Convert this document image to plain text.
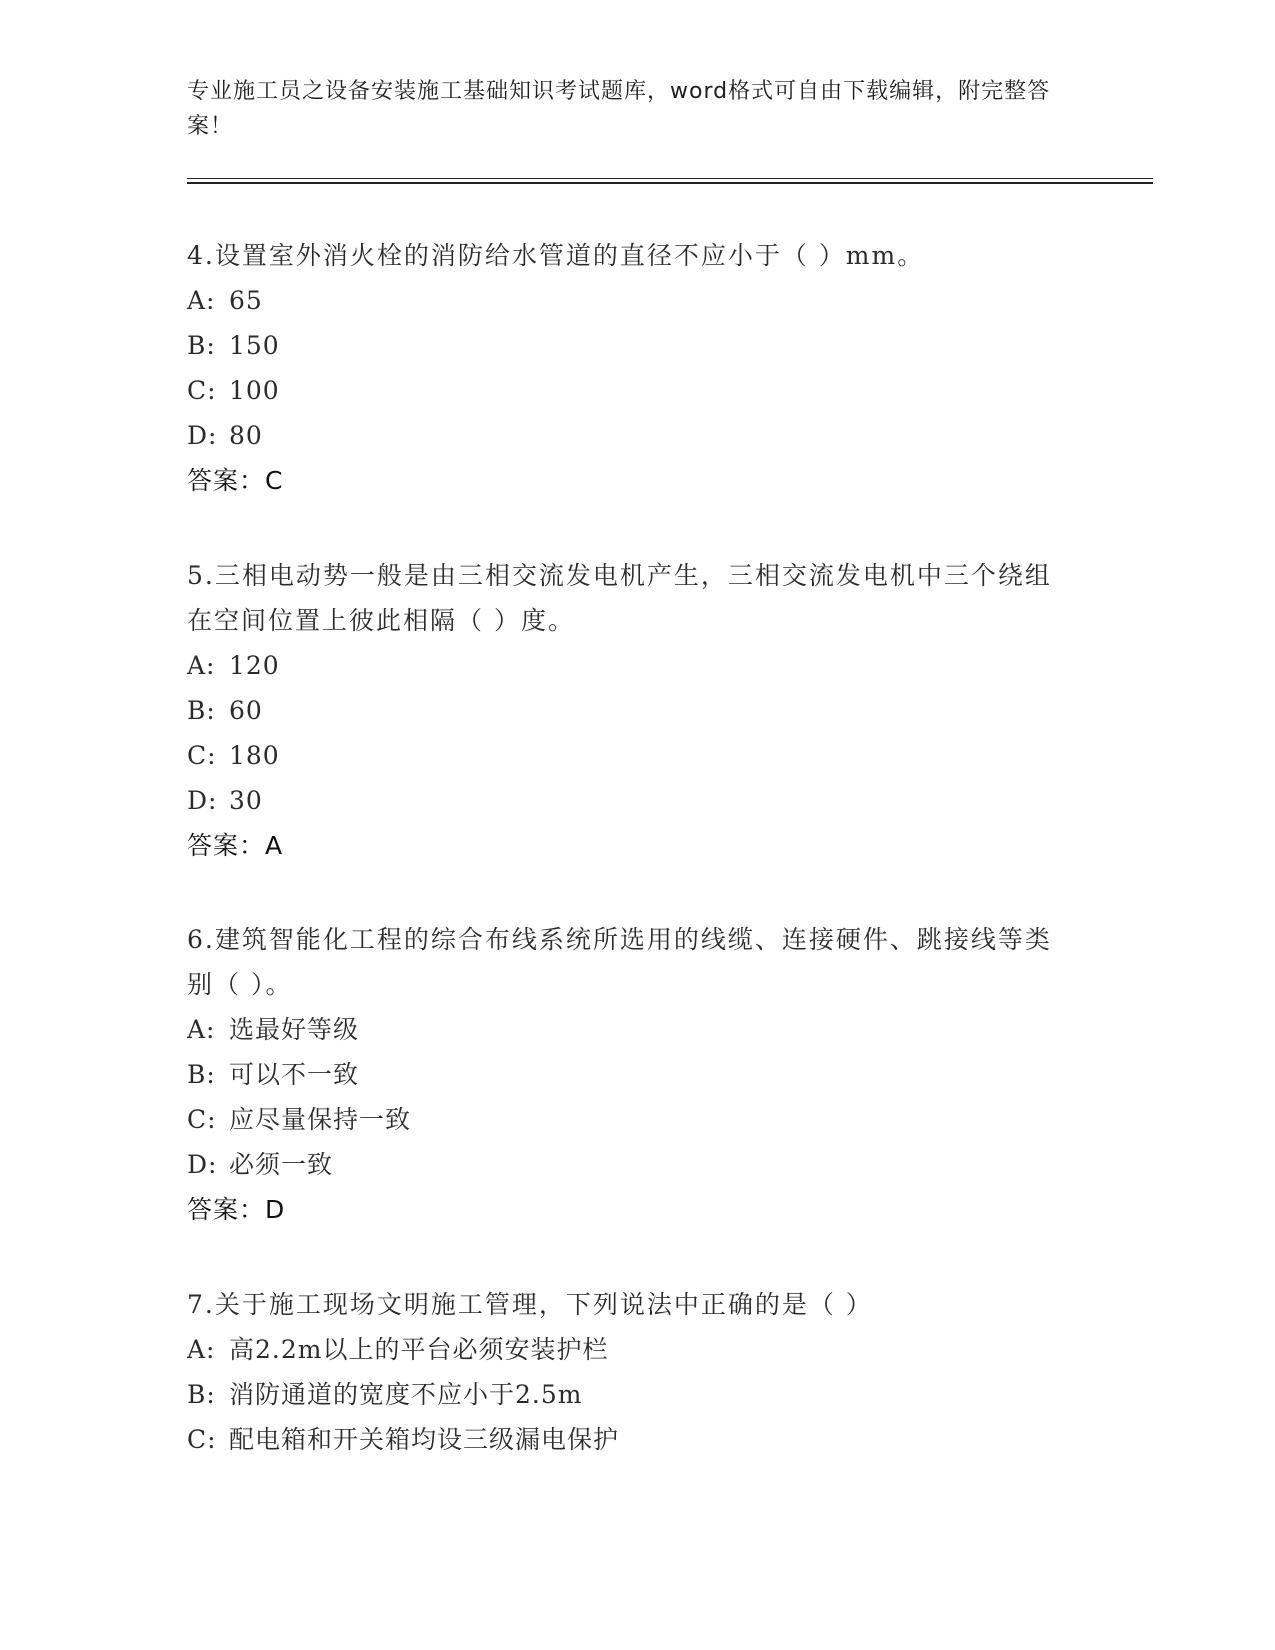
专业施工员之设备安装施工基础知识考试题库，word格式可自由下载编辑，附完整答案！

4.设置室外消火栓的消防给水管道的直径不应小于（ ）mm。

A: 65

B: 150

C: 100

D: 80

答案：C

5.三相电动势一般是由三相交流发电机产生，三相交流发电机中三个绕组在空间位置上彼此相隔（ ）度。

A: 120

B: 60

C: 180

D: 30

答案：A

6.建筑智能化工程的综合布线系统所选用的线缆、连接硬件、跳接线等类别（ ）。

A: 选最好等级

B: 可以不一致

C: 应尽量保持一致

D: 必须一致

答案：D

7.关于施工现场文明施工管理，下列说法中正确的是（ ）

A: 高2.2m以上的平台必须安装护栏

B: 消防通道的宽度不应小于2.5m

C: 配电箱和开关箱均设三级漏电保护
